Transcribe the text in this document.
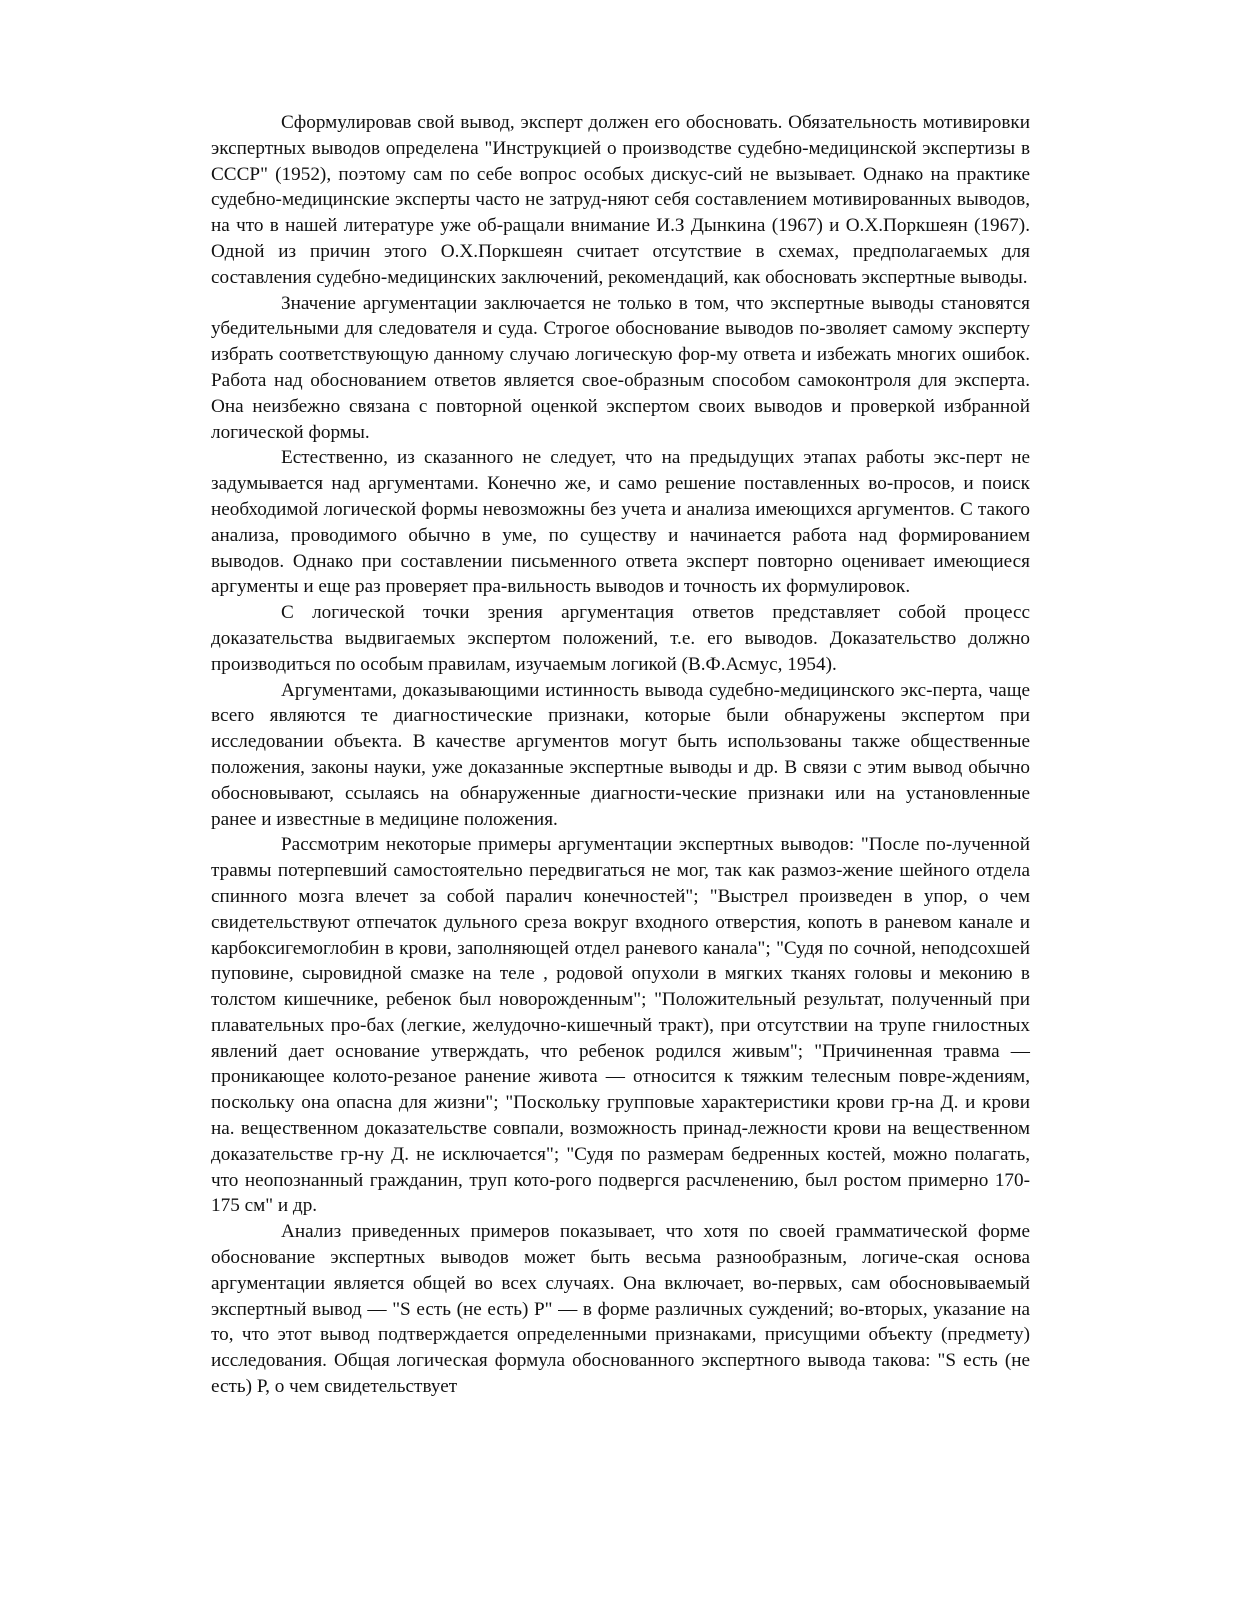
Сформулировав свой вывод, эксперт должен его обосновать. Обязательность мотивировки экспертных выводов определена "Инструкцией о производстве судебно-медицинской экспертизы в СССР" (1952), поэтому сам по себе вопрос особых дискус-сий не вызывает. Однако на практике судебно-медицинские эксперты часто не затруд-няют себя составлением мотивированных выводов, на что в нашей литературе уже об-ращали внимание И.З Дынкина (1967) и О.Х.Поркшеян (1967). Одной из причин этого О.Х.Поркшеян считает отсутствие в схемах, предполагаемых для составления судебно-медицинских заключений, рекомендаций, как обосновать экспертные выводы.

Значение аргументации заключается не только в том, что экспертные выводы становятся убедительными для следователя и суда. Строгое обоснование выводов по-зволяет самому эксперту избрать соответствующую данному случаю логическую фор-му ответа и избежать многих ошибок. Работа над обоснованием ответов является свое-образным способом самоконтроля для эксперта. Она неизбежно связана с повторной оценкой экспертом своих выводов и проверкой избранной логической формы.

Естественно, из сказанного не следует, что на предыдущих этапах работы экс-перт не задумывается над аргументами. Конечно же, и само решение поставленных во-просов, и поиск необходимой логической формы невозможны без учета и анализа имеющихся аргументов. С такого анализа, проводимого обычно в уме, по существу и начинается работа над формированием выводов. Однако при составлении письменного ответа эксперт повторно оценивает имеющиеся аргументы и еще раз проверяет пра-вильность выводов и точность их формулировок.

С логической точки зрения аргументация ответов представляет собой процесс доказательства выдвигаемых экспертом положений, т.е. его выводов. Доказательство должно производиться по особым правилам, изучаемым логикой (В.Ф.Асмус, 1954).

Аргументами, доказывающими истинность вывода судебно-медицинского экс-перта, чаще всего являются те диагностические признаки, которые были обнаружены экспертом при исследовании объекта. В качестве аргументов могут быть использованы также общественные положения, законы науки, уже доказанные экспертные выводы и др. В связи с этим вывод обычно обосновывают, ссылаясь на обнаруженные диагности-ческие признаки или на установленные ранее и известные в медицине положения.

Рассмотрим некоторые примеры аргументации экспертных выводов: "После по-лученной травмы потерпевший самостоятельно передвигаться не мог, так как размоз-жение шейного отдела спинного мозга влечет за собой паралич конечностей"; "Выстрел произведен в упор, о чем свидетельствуют отпечаток дульного среза вокруг входного отверстия, копоть в раневом канале и карбоксигемоглобин в крови, заполняющей отдел раневого канала"; "Судя по сочной, неподсохшей пуповине, сыровидной смазке на теле , родовой опухоли в мягких тканях головы и меконию в толстом кишечнике, ребенок был новорожденным"; "Положительный результат, полученный при плавательных про-бах (легкие, желудочно-кишечный тракт), при отсутствии на трупе гнилостных явлений дает основание утверждать, что ребенок родился живым"; "Причиненная травма — проникающее колото-резаное ранение живота — относится к тяжким телесным повре-ждениям, поскольку она опасна для жизни"; "Поскольку групповые характеристики крови гр-на Д. и крови на. вещественном доказательстве совпали, возможность принад-лежности крови на вещественном доказательстве гр-ну Д. не исключается"; "Судя по размерам бедренных костей, можно полагать, что неопознанный гражданин, труп кото-рого подвергся расчленению, был ростом примерно 170-175 см" и др.

Анализ приведенных примеров показывает, что хотя по своей грамматической форме обоснование экспертных выводов может быть весьма разнообразным, логиче-ская основа аргументации является общей во всех случаях. Она включает, во-первых, сам обосновываемый экспертный вывод — "S есть (не есть) Р" — в форме различных суждений; во-вторых, указание на то, что этот вывод подтверждается определенными признаками, присущими объекту (предмету) исследования. Общая логическая формула обоснованного экспертного вывода такова: "S есть (не есть) Р, о чем свидетельствует
